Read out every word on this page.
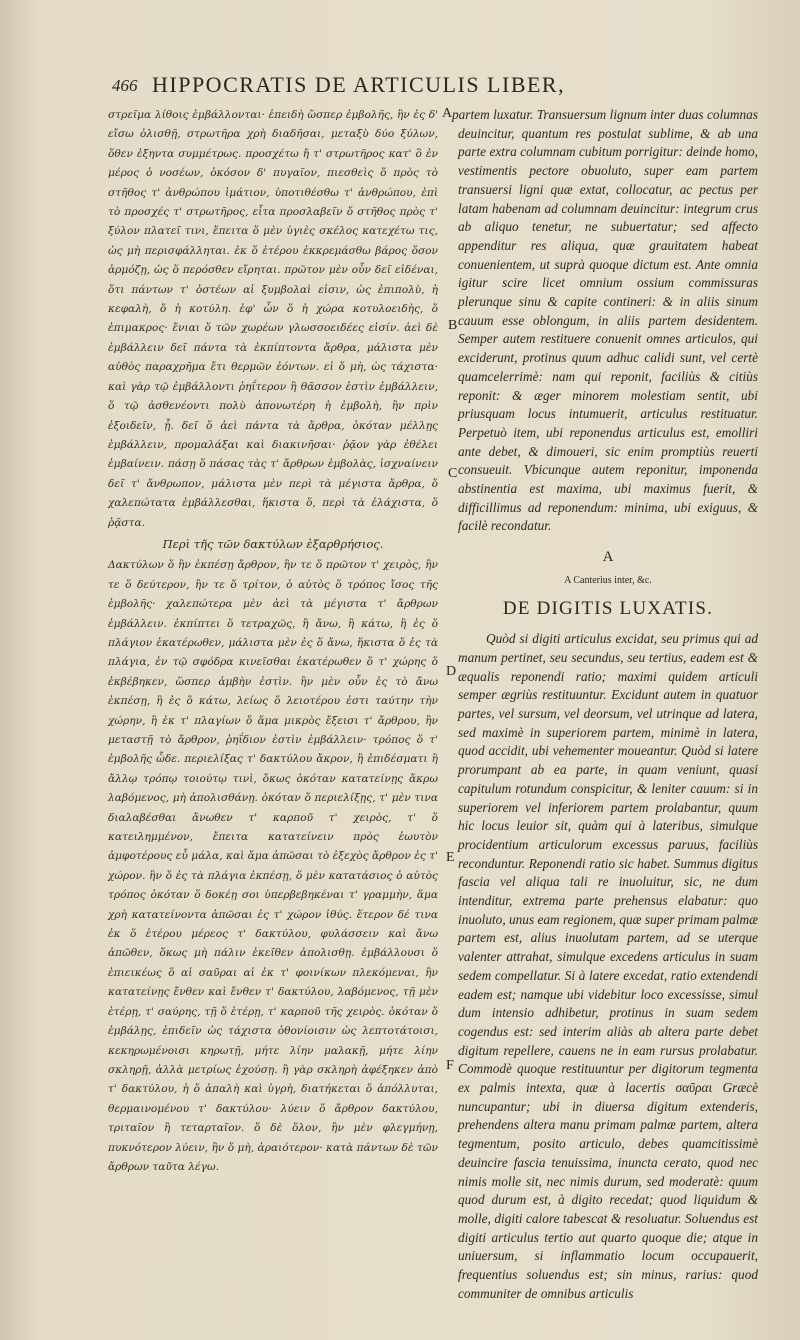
466 HIPPOCRATIS DE ARTICULIS LIBER,

στρεῖμα λίθοις ἐμβάλλονται· ἐπειδὴ ὥσπερ ἐμβολῆς, ἢν ἐς δ' εἴσω ὀλισθῇ, στρωτῆρα χρὴ διαδῆσαι, μεταξὺ δύο ξύλων, ὅθεν ἐξηντα συμμέτρως. προσχέτω ἤ τ' στρωτῆρος κατ' ὃ ἐν μέρος ὁ νοσέων, ὁκόσον δ' πυγαῖον, πιεσθεὶς ὅ πρὸς τὸ στῆθος τ' ἀνθρώπου ἱμάτιον, ὑποτιθέσθω τ' ἀνθρώπου, ἐπὶ τὸ προσχές τ' στρωτῆρος, εἶτα προσλαβεῖν ὅ στῆθος πρὸς τ' ξύλον πλατεῖ τινι, ἔπειτα ὅ μὲν ὑγιὲς σκέλος κατεχέτω τις, ὡς μὴ περισφάλληται. ἐκ ὅ ἑτέρου ἐκκρεμάσθω βάρος ὅσον ἁρμόζῃ, ὡς ὅ περόσθεν εἴρηται. πρῶτον μὲν οὖν δεῖ εἰδέναι, ὅτι πάντων τ' ὀστέων αἱ ξυμβολαὶ εἰσιν, ὡς ἐπιπολὺ, ἡ κεφαλὴ, ὅ ἡ κοτύλη. ἐφ' ὧν ὅ ἡ χώρα κοτυλοειδὴς, ὅ ἐπιμακρος· ἔνιαι ὅ τῶν χωρέων γλωσσοειδέες εἰσίν. ἀεὶ δὲ ἐμβάλλειν δεῖ πάντα τὰ ἐκπίπτοντα ἄρθρα, μάλιστα μὲν αὐθὸς παραχρῆμα ἔτι θερμῶν ἐόντων. εἰ ὅ μὴ, ὡς τάχιστα· καὶ γὰρ τῷ ἐμβάλλοντι ῥηΐτερον ἢ θᾶσσον ἐστὶν ἐμβάλλειν, ὅ τῷ ἀσθενέοντι πολὺ ἀπονωτέρη ἡ ἐμβολὴ, ἢν πρὶν ἐξοιδεῖν, ᾖ. δεῖ ὅ ἀεὶ πάντα τὰ ἄρθρα, ὁκόταν μέλλῃς ἐμβάλλειν, προμαλάξαι καὶ διακινῆσαι· ῥᾷον γὰρ ἐθέλει ἐμβαίνειν. πάσῃ ὅ πάσας τὰς τ' ἄρθρων ἐμβολὰς, ἰσχναίνειν δεῖ τ' ἄνθρωπον, μάλιστα μὲν περὶ τὰ μέγιστα ἄρθρα, ὅ χαλεπώτατα ἐμβάλλεσθαι, ἥκιστα ὅ, περὶ τὰ ἐλάχιστα, ὅ ῥᾷστα.

Περὶ τῆς τῶν δακτύλων ἐξαρθρήσιος.

Δακτύλων ὅ ἢν ἐκπέσῃ ἄρθρον, ἢν τε ὅ πρῶτον τ' χειρὸς, ἢν τε ὅ δεύτερον, ἢν τε ὅ τρίτον, ὁ αὐτὸς ὅ τρόπος ἴσος τῆς ἐμβολῆς· χαλεπώτερα μὲν ἀεὶ τὰ μέγιστα τ' ἄρθρων ἐμβάλλειν. ἐκπίπτει ὅ τετραχῶς, ἢ ἄνω, ἢ κάτω, ἢ ἐς ὅ πλάγιον ἑκατέρωθεν, μάλιστα μὲν ἐς ὅ ἄνω, ἥκιστα ὅ ἐς τὰ πλάγια, ἐν τῷ σφόδρα κινεῖσθαι ἑκατέρωθεν ὅ τ' χώρης ὅ ἐκβέβηκεν, ὥσπερ ἀμβὴν ἐστὶν. ἢν μὲν οὖν ἐς τὸ ἄνω ἐκπέσῃ, ἢ ἐς ὅ κάτω, λείως ὅ λειοτέρου ἐστι ταύτην τὴν χώρην, ἢ ἐκ τ' πλαγίων ὅ ἅμα μικρὸς ἔξεισι τ' ἄρθρου, ἢν μεταστῇ τὸ ἄρθρον, ῥηΐδιον ἐστὶν ἐμβάλλειν· τρόπος ὅ τ' ἐμβολῆς ὧδε. περιελίξας τ' δακτύλου ἄκρον, ἢ ἐπιδέσματι ἢ ἄλλῳ τρόπῳ τοιούτῳ τινὶ, ὅκως ὁκόταν κατατείνῃς ἄκρω λαβόμενος, μὴ ἀπολισθάνῃ. ὁκόταν ὅ περιελίξῃς, τ' μὲν τινα διαλαβέσθαι ἄνωθεν τ' καρποῦ τ' χειρὸς, τ' ὅ κατειλημμένον, ἔπειτα κατατείνειν πρὸς ἑωυτὸν ἀμφοτέρους εὖ μάλα, καὶ ἅμα ἀπῶσαι τὸ ἐξεχὸς ἄρθρον ἐς τ' χώρον. ἢν ὅ ἐς τὰ πλάγια ἐκπέσῃ, ὅ μὲν κατατάσιος ὁ αὐτὸς τρόπος ὁκόταν ὅ δοκέῃ σοι ὑπερβεβηκέναι τ' γραμμὴν, ἅμα χρὴ κατατείνοντα ἀπῶσαι ἐς τ' χώρον ἰθύς. ἕτερον δέ τινα ἐκ ὅ ἑτέρου μέρεος τ' δακτύλου, φυλάσσειν καὶ ἄνω ἀπῶθεν, ὅκως μὴ πάλιν ἐκεῖθεν ἀπολισθῃ. ἐμβάλλουσι ὅ ἐπιεικέως ὅ αἱ σαῦραι αἱ ἐκ τ' φοινίκων πλεκόμεναι, ἢν κατατείνῃς ἔνθεν καὶ ἔνθεν τ' δακτύλου, λαβόμενος, τῇ μὲν ἑτέρῃ, τ' σαύρης, τῇ ὅ ἑτέρῃ, τ' καρποῦ τῆς χειρὸς. ὁκόταν ὅ ἐμβάλῃς, ἐπιδεῖν ὡς τάχιστα ὀθονίοισιν ὡς λεπτοτάτοισι, κεκηρωμένοισι κηρωτῇ, μήτε λίην μαλακῇ, μήτε λίην σκληρῇ, ἀλλὰ μετρίως ἐχούσῃ. ἢ γὰρ σκληρὴ ἀφέξηκεν ἀπὸ τ' δακτύλου, ἡ ὅ ἁπαλὴ καὶ ὑγρὴ, διατήκεται ὅ ἀπόλλυται, θερμαινομένου τ' δακτύλου· λύειν ὅ ἄρθρον δακτύλου, τριταῖον ἢ τεταρταῖον. ὅ δὲ ὅλον, ἢν μὲν φλεγμήνῃ, πυκνότερον λύειν, ἢν ὅ μὴ, ἀραιότερον· κατὰ πάντων δὲ τῶν ἄρθρων ταῦτα λέγω.

A
B
C
D
E
F

partem luxatur. Transuersum lignum inter duas columnas deuincitur, quantum res postulat sublime, & ab una parte extra columnam cubitum porrigitur: deinde homo, vestimentis pectore obuoluto, super eam partem transuersi ligni quæ extat, collocatur, ac pectus per latam habenam ad columnam deuincitur: integrum crus ab aliquo tenetur, ne subuertatur; sed affecto appenditur res aliqua, quæ grauitatem habeat conuenientem, ut suprà quoque dictum est. Ante omnia igitur scire licet omnium ossium commissuras plerunque sinu & capite contineri: & in aliis sinum cauum esse oblongum, in aliis partem desidentem. Semper autem restituere conuenit omnes articulos, qui exciderunt, protinus quum adhuc calidi sunt, vel certè quamcelerrimè: nam qui reponit, faciliùs & citiùs reponit: & æger minorem molestiam sentit, ubi priusquam locus intumuerit, articulus restituatur. Perpetuò item, ubi reponendus articulus est, emolliri ante debet, & dimoueri, sic enim promptiùs reuerti consueuit. Vbicunque autem reponitur, imponenda abstinentia est maxima, ubi maximus fuerit, & difficillimus ad reponendum: minima, ubi exiguus, & facilè recondatur.

A
A Canterius inter, &c.
DE DIGITIS LUXATIS.

Quòd si digiti articulus excidat, seu primus qui ad manum pertinet, seu secundus, seu tertius, eadem est & æqualis reponendi ratio; maximi quidem articuli semper ægriùs restituuntur. Excidunt autem in quatuor partes, vel sursum, vel deorsum, vel utrinque ad latera, sed maximè in superiorem partem, minimè in latera, quod accidit, ubi vehementer moueantur. Quòd si latere prorumpant ab ea parte, in quam veniunt, quasi capitulum rotundum conspicitur, & leniter cauum: si in superiorem vel inferiorem partem prolabantur, quum hic locus leuior sit, quàm qui à lateribus, simulque procidentium articulorum excessus paruus, faciliùs reconduntur. Reponendi ratio sic habet. Summus digitus fascia vel aliqua tali re inuoluitur, sic, ne dum intenditur, extrema parte prehensus elabatur: quo inuoluto, unus eam regionem, quæ super primam palmæ partem est, alius inuolutam partem, ad se uterque valenter attrahat, simulque excedens articulus in suam sedem compellatur. Si à latere excedat, ratio extendendi eadem est; namque ubi videbitur loco excessisse, simul dum intensio adhibetur, protinus in suam sedem cogendus est: sed interim aliàs ab altera parte debet digitum repellere, cauens ne in eam rursus prolabatur. Commodè quoque restituuntur per digitorum tegmenta ex palmis intexta, quæ à lacertis σαῦραι Græcè nuncupantur; ubi in diuersa digitum extenderis, prehendens altera manu primam palmæ partem, altera tegmentum, posito articulo, debes quamcitissimè deuincire fascia tenuissima, inuncta cerato, quod nec nimis molle sit, nec nimis durum, sed moderatè: quum quod durum est, à digito recedat; quod liquidum & molle, digiti calore tabescat & resoluatur. Soluendus est digiti articulus tertio aut quarto quoque die; atque in uniuersum, si inflammatio locum occupauerit, frequentius soluendus est; sin minus, rarius: quod communiter de omnibus articulis
